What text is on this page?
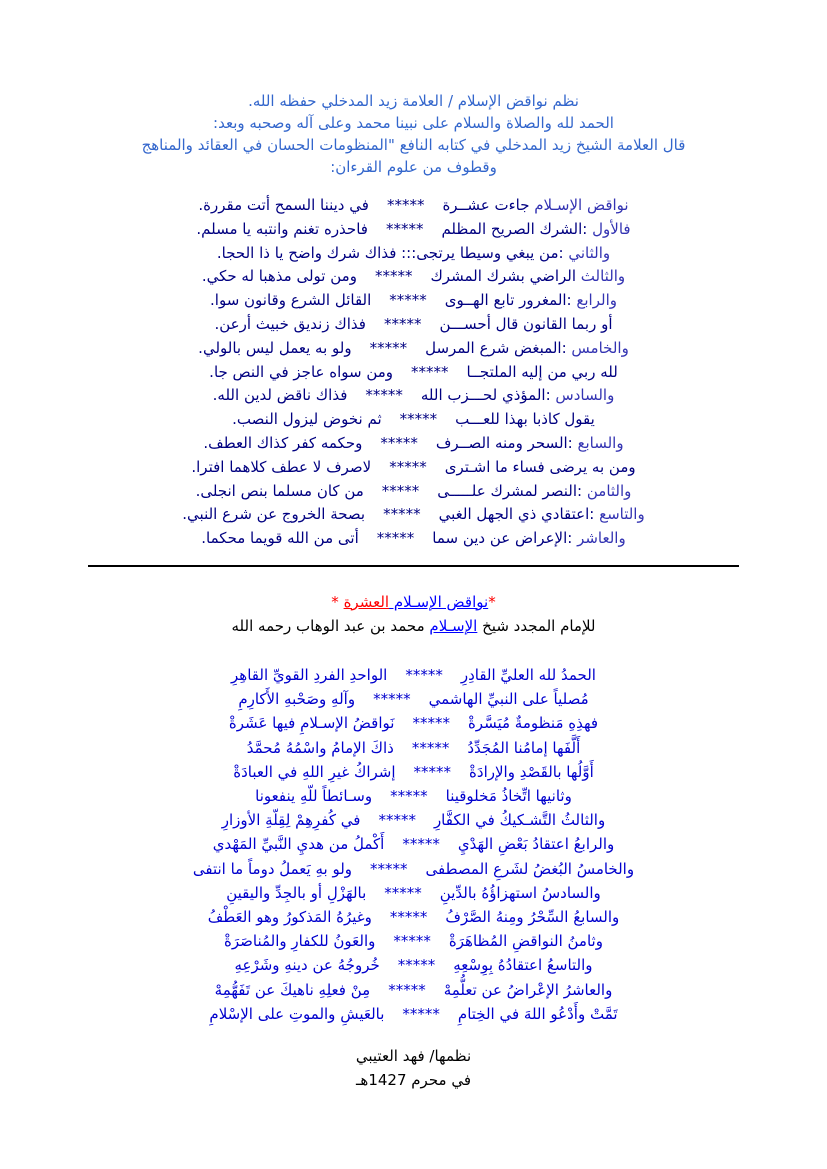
نظم نواقض الإسلام / العلامة زيد المدخلي حفظه الله.
الحمد لله والصلاة والسلام على نبينا محمد وعلى آله وصحبه وبعد:
قال العلامة الشيخ زيد المدخلي في كتابه النافع "المنظومات الحسان في العقائد والمناهج
وقطوف من علوم القرءان:
نواقض الإسـلام جاءت عشــرة*****في ديننا السمح أتت مقررة.
فالأول :الشرك الصريح المظلم*****فاحذره تغنم وانتبه يا مسلم.
والثاني :من يبغي وسيطا يرتجى::: فذاك شرك واضح يا ذا الحجا.
والثالث الراضي بشرك المشرك*****ومن تولى مذهبا له حكي.
والرابع :المغرور تابع الهــوى*****القائل الشرع وقانون سوا.
أو ربما القانون قال أحســـن*****فذاك زنديق خبيث أرعن.
والخامس :المبغض شرع المرسل*****ولو به يعمل ليس بالولي.
لله ربي من إليه الملتجــا*****ومن سواه عاجز في النص جا.
والسادس :المؤذي لحـــزب الله*****فذاك ناقض لدين الله.
يقول كاذبا بهذا للعـــب*****ثم نخوض ليزول النصب.
والسابع :السحر ومنه الصــرف*****وحكمه كفر كذاك العطف.
ومن به يرضى فساء ما اشـترى*****لاصرف لا عطف كلاهما افترا.
والثامن :النصر لمشرك علـــــى*****من كان مسلما بنص انجلى.
والتاسع :اعتقادي ذي الجهل الغبي*****بصحة الخروج عن شرع النبي.
والعاشر :الإعراض عن دين سما*****أتى من الله قويما محكما.
*نواقض الإسـلام العشرة *
للإمام المجدد شيخ الإسـلام محمد بن عبد الوهاب رحمه الله
الحمدُ لله العليِّ القادِرِ*****الواحدِ الفردِ القويِّ القاهِرِ
مُصلياً على النبيِّ الهاشمي*****وآلهِ وصَحْبهِ الأَكارِمِ
فهذِهِ مَنظومةٌ مُيَسَّرةْ*****نَواقضُ الإسـلامِ فيها عَشَرةْ
أَلَّفَها إمامُنا المُجَدِّدُ*****ذاكَ الإمامُ واسْمُهُ مُحمَّدُ
أَوَّلُها بالقَصْدِ والإرادَةْ*****إشراكُ غيرِ اللهِ في العبادَةْ
وثانيها اتِّخاذُ مَخلوقينا*****وسـائطاً للّهِ ينفعونا
والثالثُ التَّشـكيكُ في الكفَّارِ*****في كُفرِهِمْ لِقِلّةِ الأوزارِ
والرابعُ اعتقادُ بَعْضِ الهَدْيِ*****أَكْملُ من هديِ النَّبيِّ المَهْدي
والخامسُ البُغضُ لشَرعِ المصطفى*****ولو بهِ يَعملُ دوماً ما انتفى
والسادسُ استهزاؤُهُ بالدِّينِ*****بالهَزْلِ أو بالجِدِّ واليقينِ
والسابعُ السِّحْرُ ومِنهُ الصَّرْفُ*****وغيرُهُ المَذكورُ وهو العَطْفُ
وثامنُ النواقضِ المُظاهَرَةْ*****والعَونُ للكفارِ والمُناصَرَةْ
والتاسعُ اعتقادُهُ بِوِسْعِهِ*****خُروجُهُ عن دينهِ وشَرْعِهِ
والعاشرُ الإعْراضُ عن تعلُّمِهْ*****مِنْ فعلِهِ ناهيكَ عن تَفَهُّمِهْ
تَمَّتْ وأَدْعُو اللهَ في الخِتامِ*****بالعَيشِ والموتِ على الإسْلامِ
نظمها/ فهد العتيبي
في محرم 1427هـ
